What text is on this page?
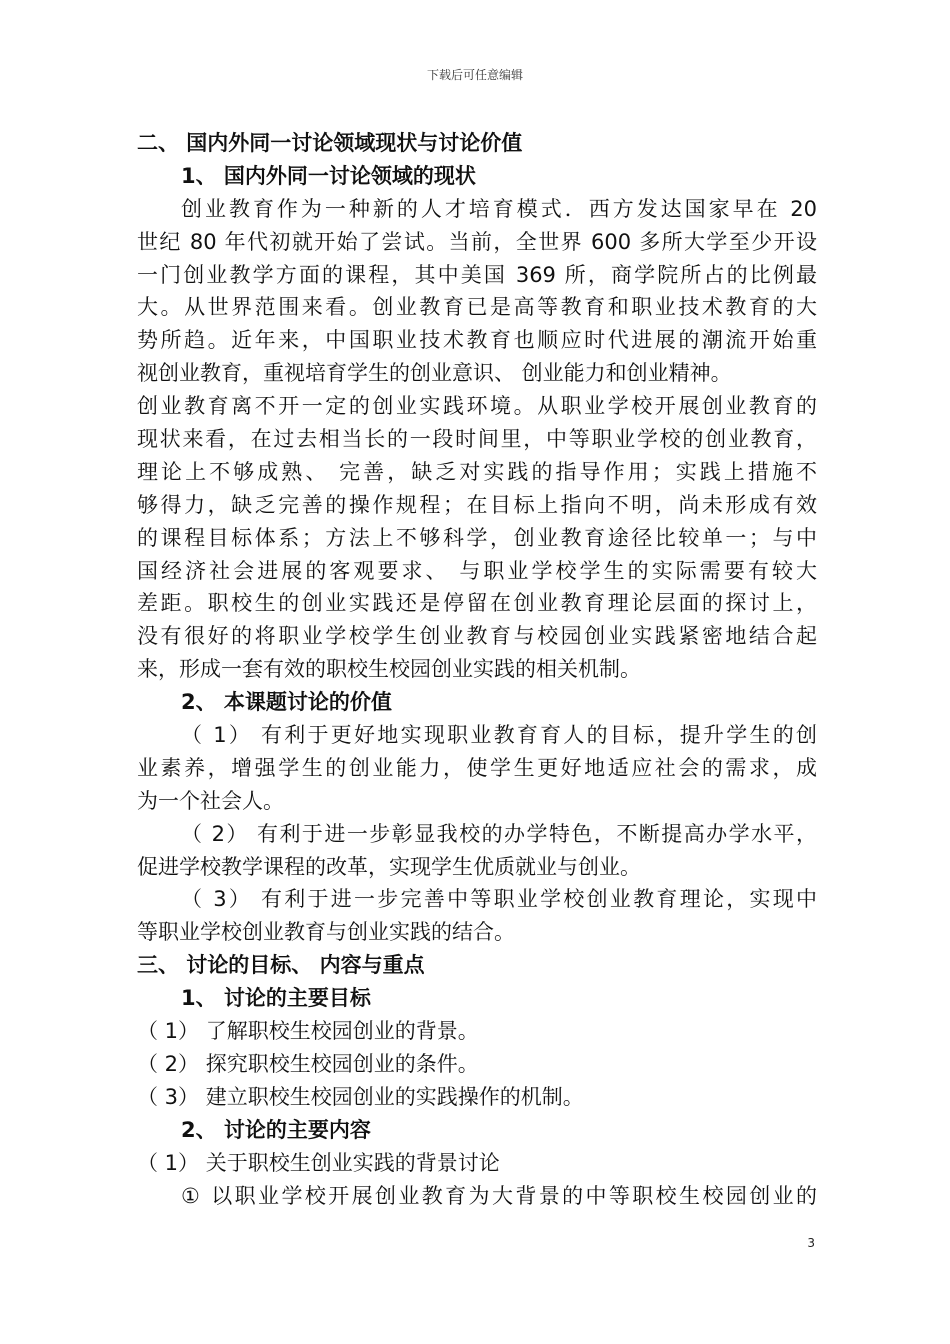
下载后可任意编辑
二、 国内外同一讨论领域现状与讨论价值
1、 国内外同一讨论领域的现状
创业教育作为一种新的人才培育模式．西方发达国家早在 20
世纪 80 年代初就开始了尝试。当前，全世界 600 多所大学至少开设
一门创业教学方面的课程，其中美国 369 所，商学院所占的比例最
大。从世界范围来看。创业教育已是高等教育和职业技术教育的大
势所趋。近年来，中国职业技术教育也顺应时代进展的潮流开始重
视创业教育，重视培育学生的创业意识、 创业能力和创业精神。
创业教育离不开一定的创业实践环境。从职业学校开展创业教育的
现状来看，在过去相当长的一段时间里，中等职业学校的创业教育，
理论上不够成熟、 完善，缺乏对实践的指导作用；实践上措施不
够得力，缺乏完善的操作规程；在目标上指向不明，尚未形成有效
的课程目标体系；方法上不够科学，创业教育途径比较单一；与中
国经济社会进展的客观要求、 与职业学校学生的实际需要有较大
差距。职校生的创业实践还是停留在创业教育理论层面的探讨上，
没有很好的将职业学校学生创业教育与校园创业实践紧密地结合起
来，形成一套有效的职校生校园创业实践的相关机制。
2、 本课题讨论的价值
（ 1） 有利于更好地实现职业教育育人的目标，提升学生的创
业素养，增强学生的创业能力，使学生更好地适应社会的需求，成
为一个社会人。
（ 2） 有利于进一步彰显我校的办学特色，不断提高办学水平，
促进学校教学课程的改革，实现学生优质就业与创业。
（ 3） 有利于进一步完善中等职业学校创业教育理论，实现中
等职业学校创业教育与创业实践的结合。
三、 讨论的目标、 内容与重点
1、 讨论的主要目标
（ 1） 了解职校生校园创业的背景。
（ 2） 探究职校生校园创业的条件。
（ 3） 建立职校生校园创业的实践操作的机制。
2、 讨论的主要内容
（ 1） 关于职校生创业实践的背景讨论
① 以职业学校开展创业教育为大背景的中等职校生校园创业的
3
